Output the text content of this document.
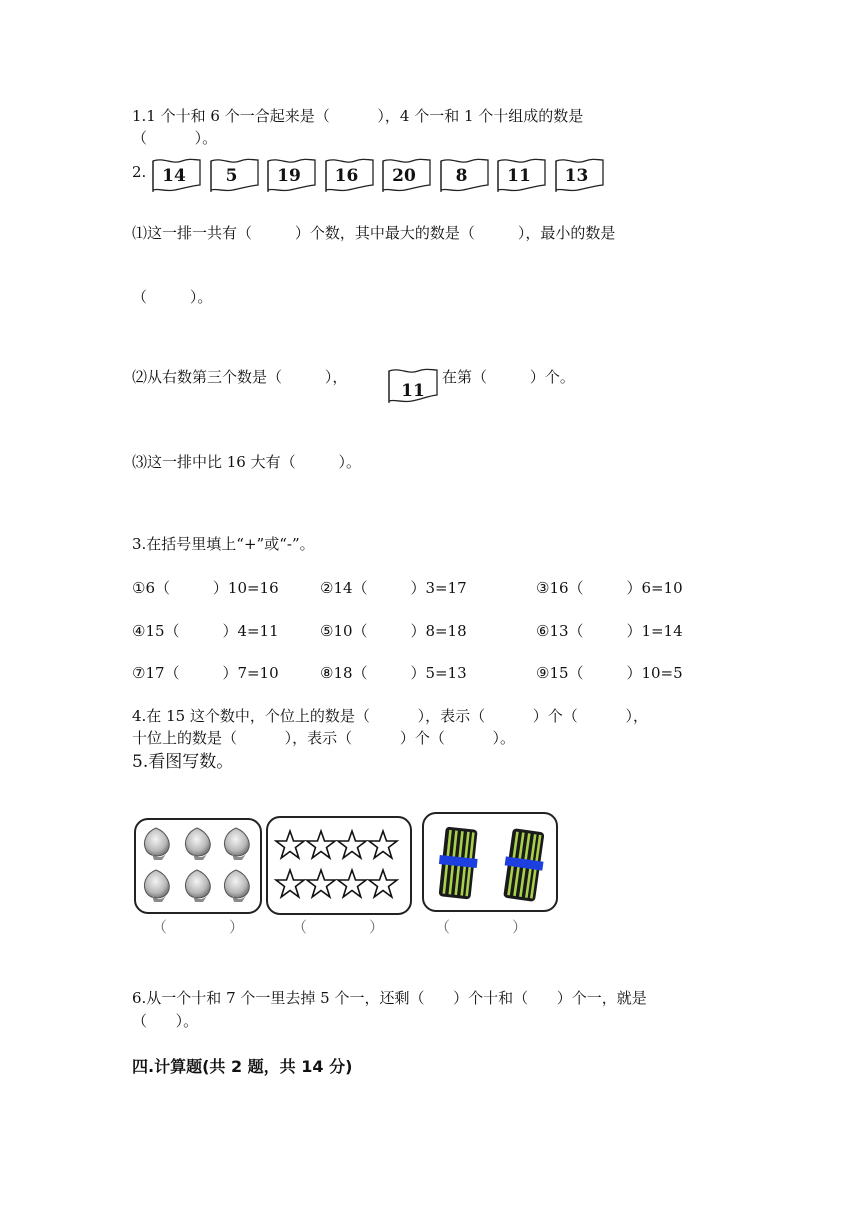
1.1 个十和 6 个一合起来是（          ），4 个一和 1 个十组成的数是
（          ）。
2. 14	5	19	16	20	8	11	13
⑴这一排一共有（         ）个数，其中最大的数是（         ），最小的数是
（         ）。
⑵从右数第三个数是（         ），
11
在第（         ）个。
⑶这一排中比 16 大有（         ）。
3.在括号里填上“+”或“-”。
①6（         ）10=16	②14（         ）3=17	③16（         ）6=10
④15（         ）4=11	⑤10（         ）8=18	⑥13（         ）1=14
⑦17（         ）7=10	⑧18（         ）5=13	⑨15（         ）10=5
4.在 15 这个数中，个位上的数是（          ），表示（          ）个（          ），
十位上的数是（          ），表示（          ）个（          ）。
5.看图写数。
（             ）	（             ）	（             ）
6.从一个十和 7 个一里去掉 5 个一，还剩（      ）个十和（      ）个一，就是
（      ）。
四.计算题(共 2 题，共 14 分)
